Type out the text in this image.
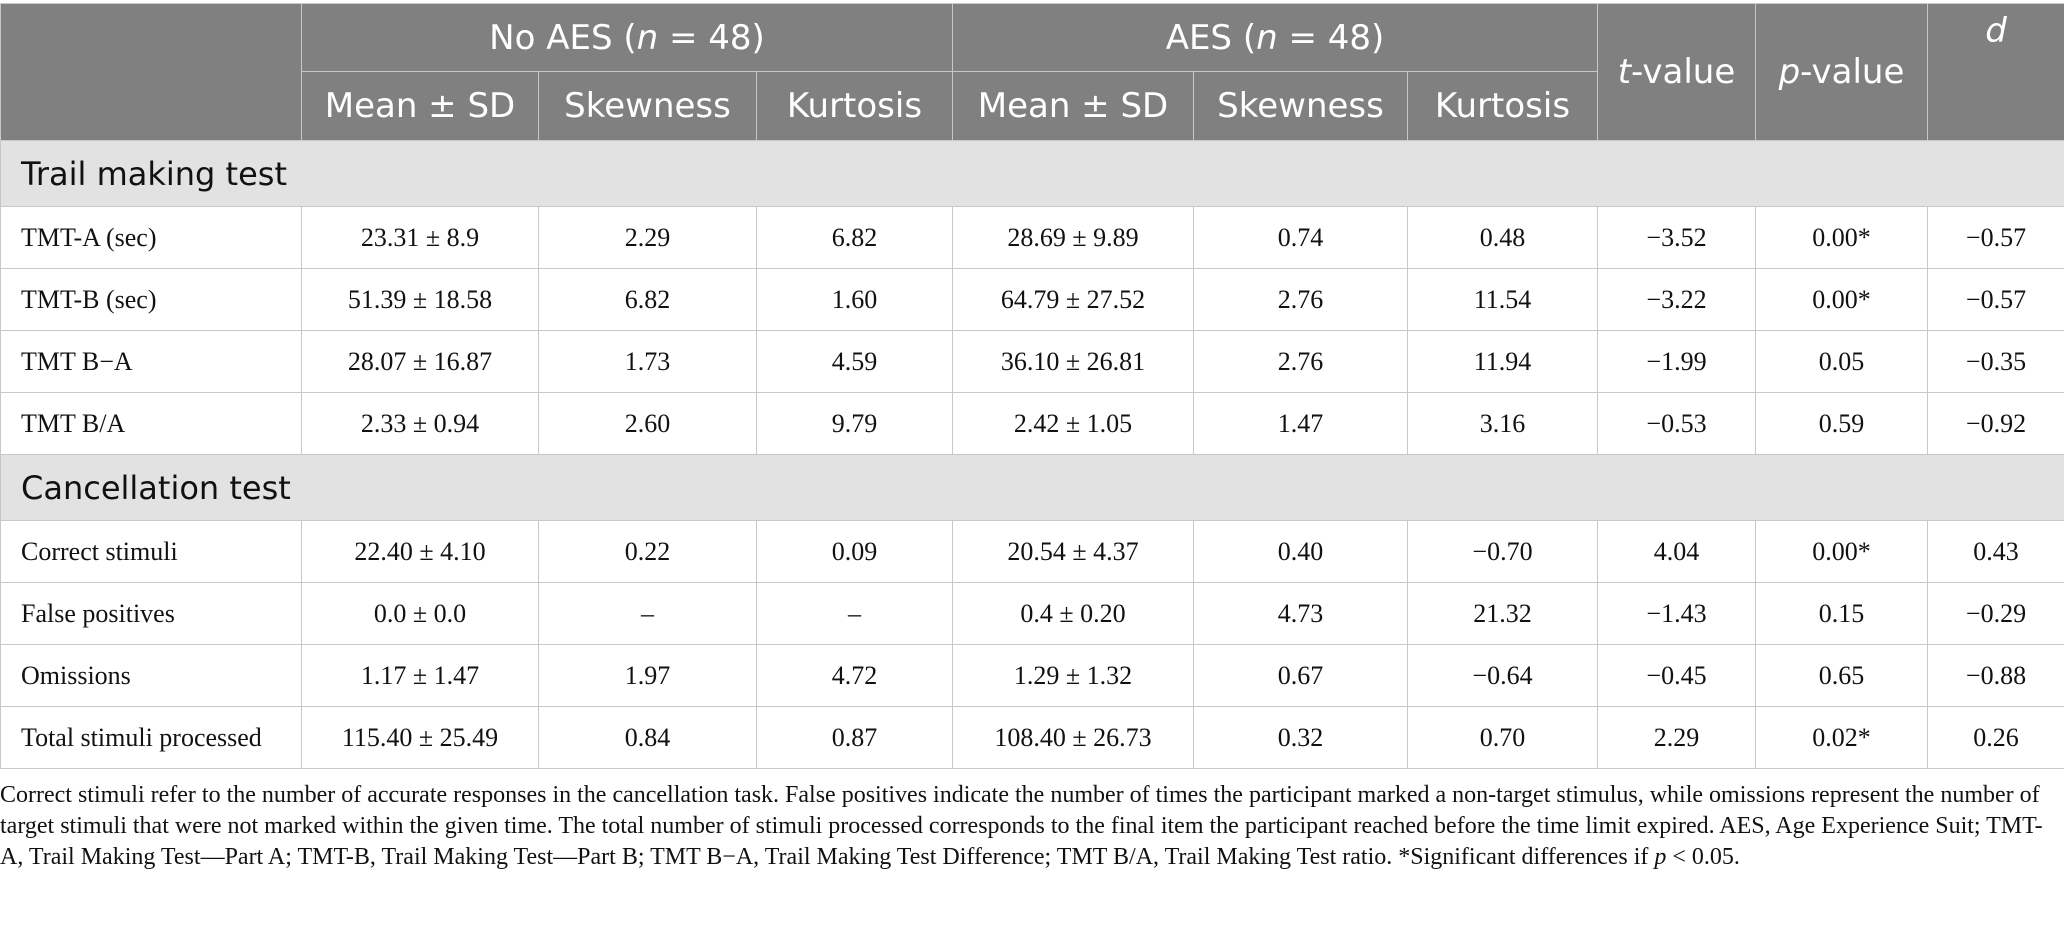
	No AES (n = 48)			AES (n = 48)			t-value	p-value	d
	Mean ± SD	Skewness	Kurtosis	Mean ± SD	Skewness	Kurtosis			
Trail making test									
TMT-A (sec)	23.31 ± 8.9	2.29	6.82	28.69 ± 9.89	0.74	0.48	−3.52	0.00*	−0.57
TMT-B (sec)	51.39 ± 18.58	6.82	1.60	64.79 ± 27.52	2.76	11.54	−3.22	0.00*	−0.57
TMT B−A	28.07 ± 16.87	1.73	4.59	36.10 ± 26.81	2.76	11.94	−1.99	0.05	−0.35
TMT B/A	2.33 ± 0.94	2.60	9.79	2.42 ± 1.05	1.47	3.16	−0.53	0.59	−0.92
Cancellation test									
Correct stimuli	22.40 ± 4.10	0.22	0.09	20.54 ± 4.37	0.40	−0.70	4.04	0.00*	0.43
False positives	0.0 ± 0.0	–	–	0.4 ± 0.20	4.73	21.32	−1.43	0.15	−0.29
Omissions	1.17 ± 1.47	1.97	4.72	1.29 ± 1.32	0.67	−0.64	−0.45	0.65	−0.88
Total stimuli processed	115.40 ± 25.49	0.84	0.87	108.40 ± 26.73	0.32	0.70	2.29	0.02*	0.26
Correct stimuli refer to the number of accurate responses in the cancellation task. False positives indicate the number of times the participant marked a non-target stimulus, while omissions represent the number of target stimuli that were not marked within the given time. The total number of stimuli processed corresponds to the final item the participant reached before the time limit expired. AES, Age Experience Suit; TMT-A, Trail Making Test—Part A; TMT-B, Trail Making Test—Part B; TMT B−A, Trail Making Test Difference; TMT B/A, Trail Making Test ratio. *Significant differences if p < 0.05.
